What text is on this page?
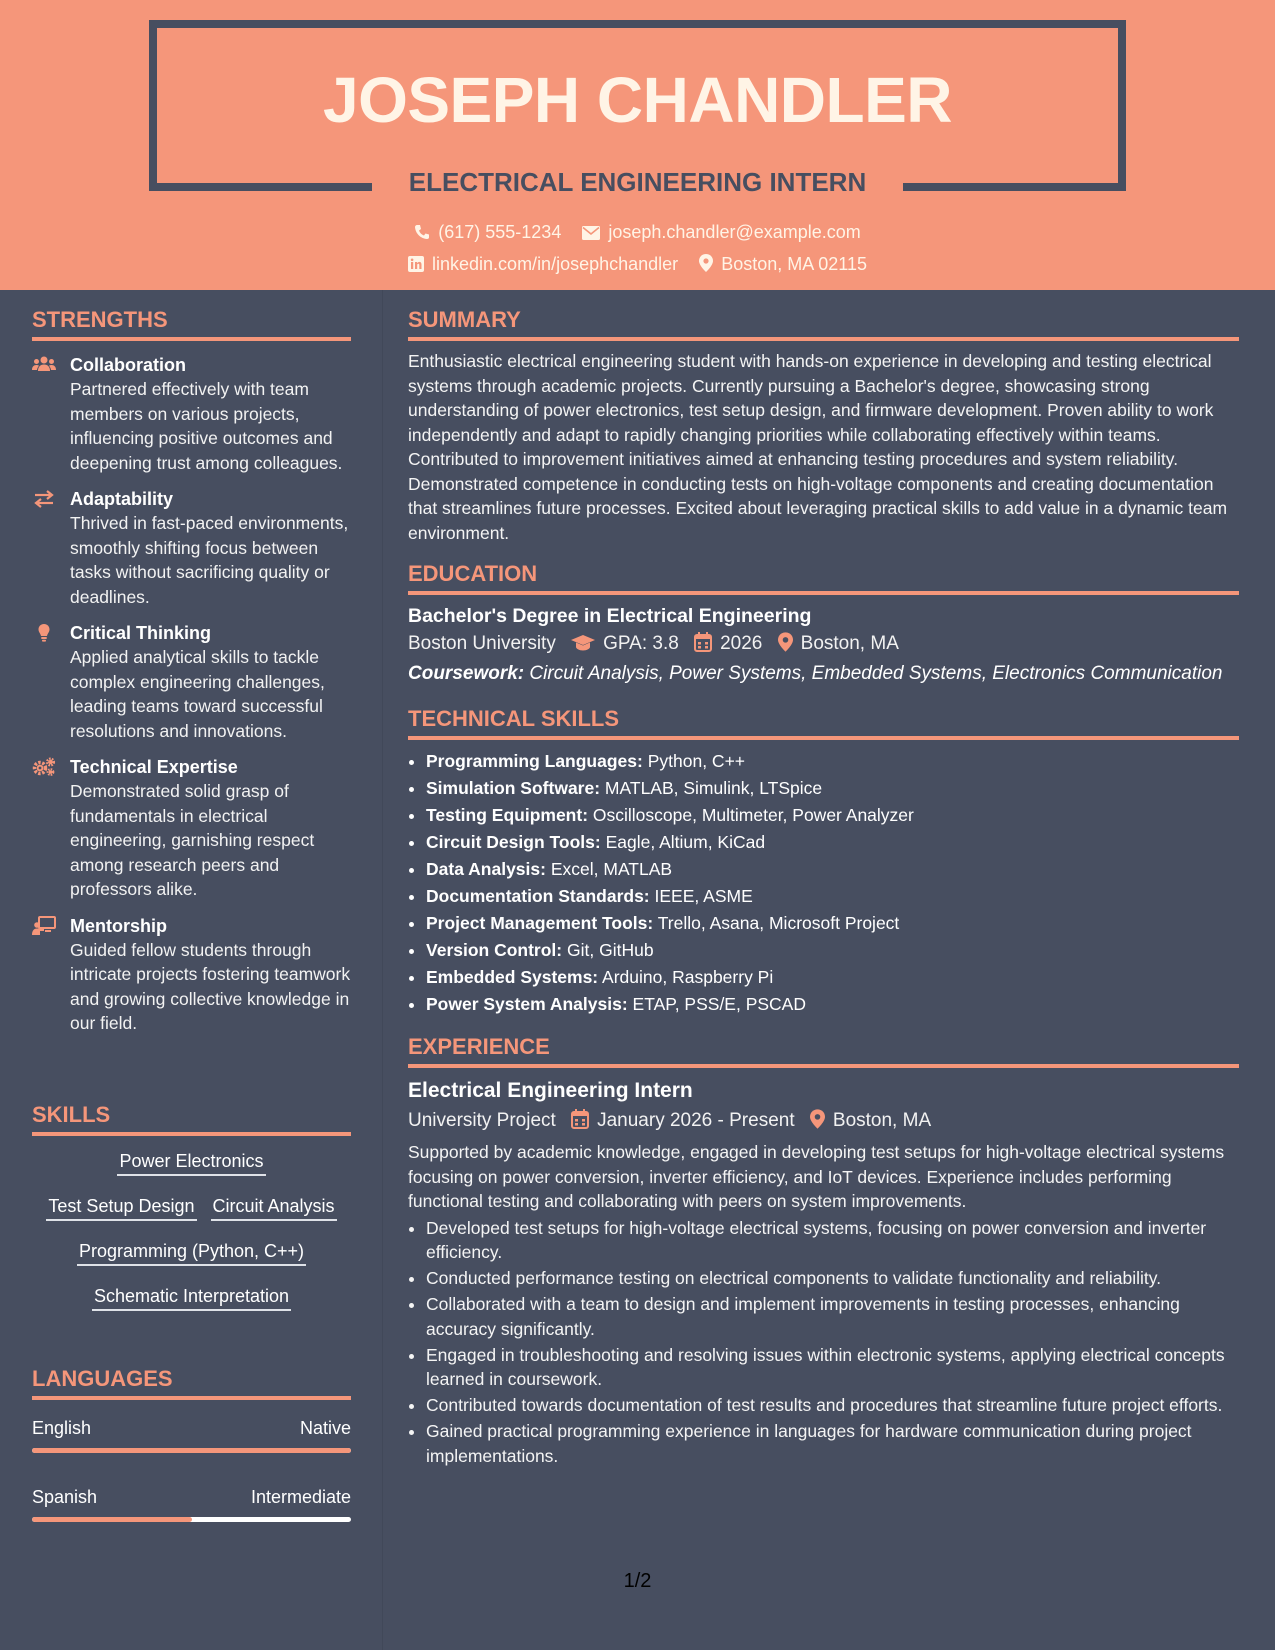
JOSEPH CHANDLER
ELECTRICAL ENGINEERING INTERN
(617) 555-1234	joseph.chandler@example.com
linkedin.com/in/josephchandler Boston, MA 02115
STRENGTHS
Collaboration
Partnered effectively with team members on various projects, influencing positive outcomes and deepening trust among colleagues.
Adaptability
Thrived in fast-paced environments, smoothly shifting focus between tasks without sacrificing quality or deadlines.
Critical Thinking
Applied analytical skills to tackle complex engineering challenges, leading teams toward successful resolutions and innovations.
Technical Expertise
Demonstrated solid grasp of fundamentals in electrical engineering, garnishing respect among research peers and professors alike.
Mentorship
Guided fellow students through intricate projects fostering teamwork and growing collective knowledge in our field.
SKILLS
Power Electronics
Test Setup Design Circuit Analysis
Programming (Python, C++)
Schematic Interpretation
LANGUAGES
English	Native
Spanish	Intermediate
SUMMARY

Enthusiastic electrical engineering student with hands-on experience in developing and testing electrical systems through academic projects. Currently pursuing a Bachelor's degree, showcasing strong understanding of power electronics, test setup design, and firmware development. Proven ability to work independently and adapt to rapidly changing priorities while collaborating effectively within teams. Contributed to improvement initiatives aimed at enhancing testing procedures and system reliability. Demonstrated competence in conducting tests on high-voltage components and creating documentation that streamlines future processes. Excited about leveraging practical skills to add value in a dynamic team environment.

EDUCATION
Bachelor's Degree in Electrical Engineering
Boston University GPA: 3.8 2026 Boston, MA
Coursework: Circuit Analysis, Power Systems, Embedded Systems, Electronics Communication
TECHNICAL SKILLS
• Programming Languages: Python, C++
• Simulation Software: MATLAB, Simulink, LTSpice
• Testing Equipment: Oscilloscope, Multimeter, Power Analyzer
• Circuit Design Tools: Eagle, Altium, KiCad
• Data Analysis: Excel, MATLAB
• Documentation Standards: IEEE, ASME
• Project Management Tools: Trello, Asana, Microsoft Project
• Version Control: Git, GitHub
• Embedded Systems: Arduino, Raspberry Pi
• Power System Analysis: ETAP, PSS/E, PSCAD
EXPERIENCE
Electrical Engineering Intern
University Project January 2026 - Present Boston, MA
Supported by academic knowledge, engaged in developing test setups for high-voltage electrical systems focusing on power conversion, inverter efficiency, and IoT devices. Experience includes performing functional testing and collaborating with peers on system improvements.
• Developed test setups for high-voltage electrical systems, focusing on power conversion and inverter efficiency.
• Conducted performance testing on electrical components to validate functionality and reliability.
• Collaborated with a team to design and implement improvements in testing processes, enhancing accuracy significantly.
• Engaged in troubleshooting and resolving issues within electronic systems, applying electrical concepts learned in coursework.
• Contributed towards documentation of test results and procedures that streamline future project efforts.
• Gained practical programming experience in languages for hardware communication during project implementations.
1/2
